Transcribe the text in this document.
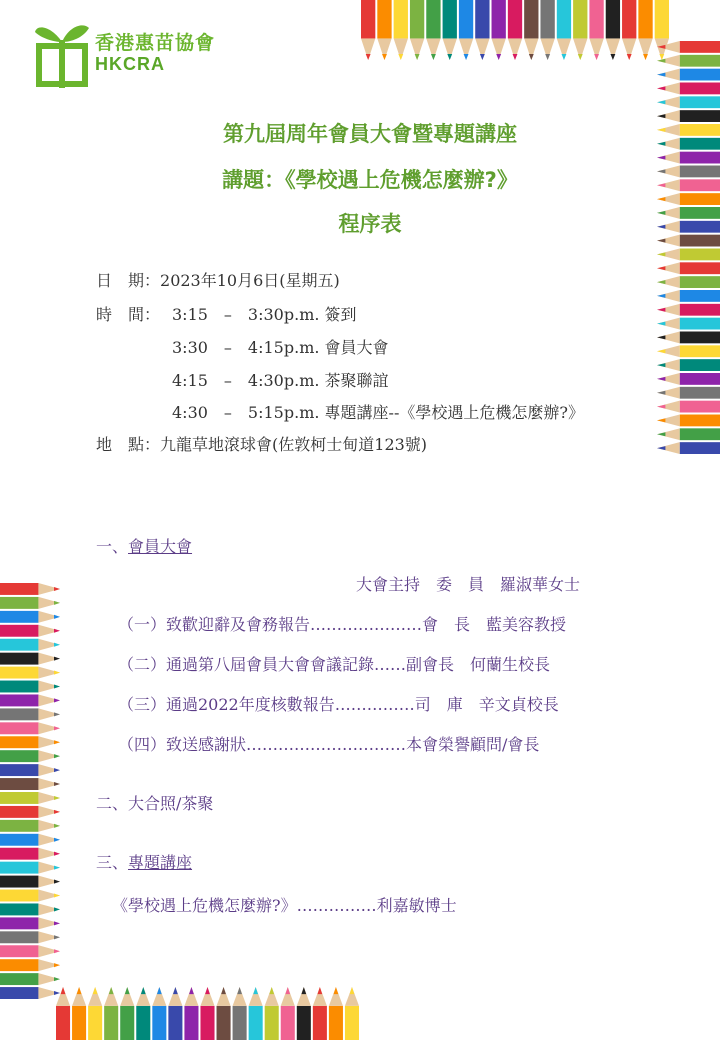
香港惠苗協會
HKCRA
第九屆周年會員大會暨專題講座
講題：《學校遇上危機怎麼辦?》
程序表
日　期：2023年10月6日(星期五)
時　間： 3:15　–　3:30p.m. 簽到
3:30　–　4:15p.m. 會員大會
4:15　–　4:30p.m. 茶聚聯誼
4:30　–　5:15p.m. 專題講座--《學校遇上危機怎麼辦?》
地　點：九龍草地滾球會(佐敦柯士甸道123號)
一、會員大會
大會主持　委　員　羅淑華女士
（一）致歡迎辭及會務報告…………………會　長　藍美容教授
（二）通過第八屆會員大會會議記錄……副會長　何蘭生校長
（三）通過2022年度核數報告……………司　庫　辛文貞校長
（四）致送感謝狀…………………………本會榮譽顧問/會長
二、大合照/茶聚
三、專題講座
《學校遇上危機怎麼辦?》……………利嘉敏博士
